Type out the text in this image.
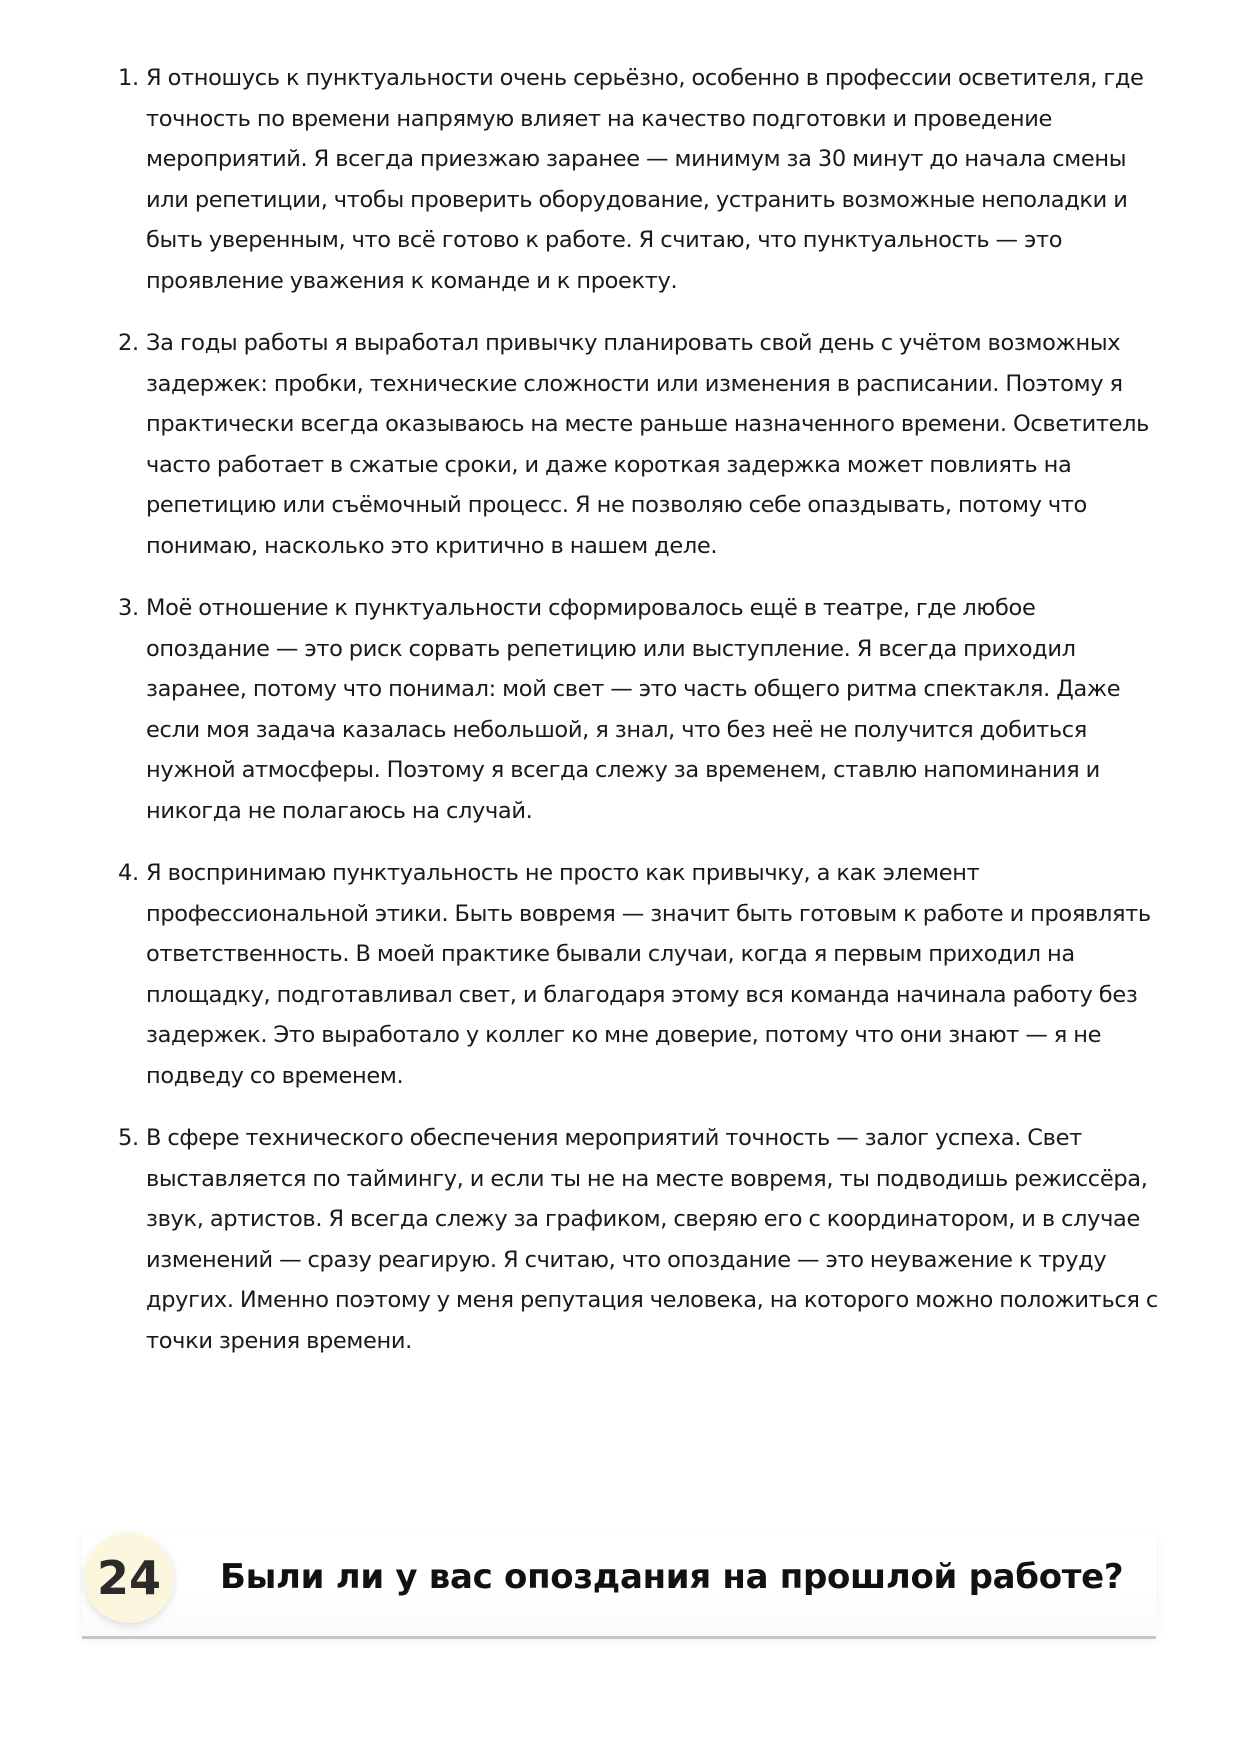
1. Я отношусь к пунктуальности очень серьёзно, особенно в профессии осветителя, где точность по времени напрямую влияет на качество подготовки и проведение мероприятий. Я всегда приезжаю заранее — минимум за 30 минут до начала смены или репетиции, чтобы проверить оборудование, устранить возможные неполадки и быть уверенным, что всё готово к работе. Я считаю, что пунктуальность — это проявление уважения к команде и к проекту.
2. За годы работы я выработал привычку планировать свой день с учётом возможных задержек: пробки, технические сложности или изменения в расписании. Поэтому я практически всегда оказываюсь на месте раньше назначенного времени. Осветитель часто работает в сжатые сроки, и даже короткая задержка может повлиять на репетицию или съёмочный процесс. Я не позволяю себе опаздывать, потому что понимаю, насколько это критично в нашем деле.
3. Моё отношение к пунктуальности сформировалось ещё в театре, где любое опоздание — это риск сорвать репетицию или выступление. Я всегда приходил заранее, потому что понимал: мой свет — это часть общего ритма спектакля. Даже если моя задача казалась небольшой, я знал, что без неё не получится добиться нужной атмосферы. Поэтому я всегда слежу за временем, ставлю напоминания и никогда не полагаюсь на случай.
4. Я воспринимаю пунктуальность не просто как привычку, а как элемент профессиональной этики. Быть вовремя — значит быть готовым к работе и проявлять ответственность. В моей практике бывали случаи, когда я первым приходил на площадку, подготавливал свет, и благодаря этому вся команда начинала работу без задержек. Это выработало у коллег ко мне доверие, потому что они знают — я не подведу со временем.
5. В сфере технического обеспечения мероприятий точность — залог успеха. Свет выставляется по таймингу, и если ты не на месте вовремя, ты подводишь режиссёра, звук, артистов. Я всегда слежу за графиком, сверяю его с координатором, и в случае изменений — сразу реагирую. Я считаю, что опоздание — это неуважение к труду других. Именно поэтому у меня репутация человека, на которого можно положиться с точки зрения времени.
24	Были ли у вас опоздания на прошлой работе?
